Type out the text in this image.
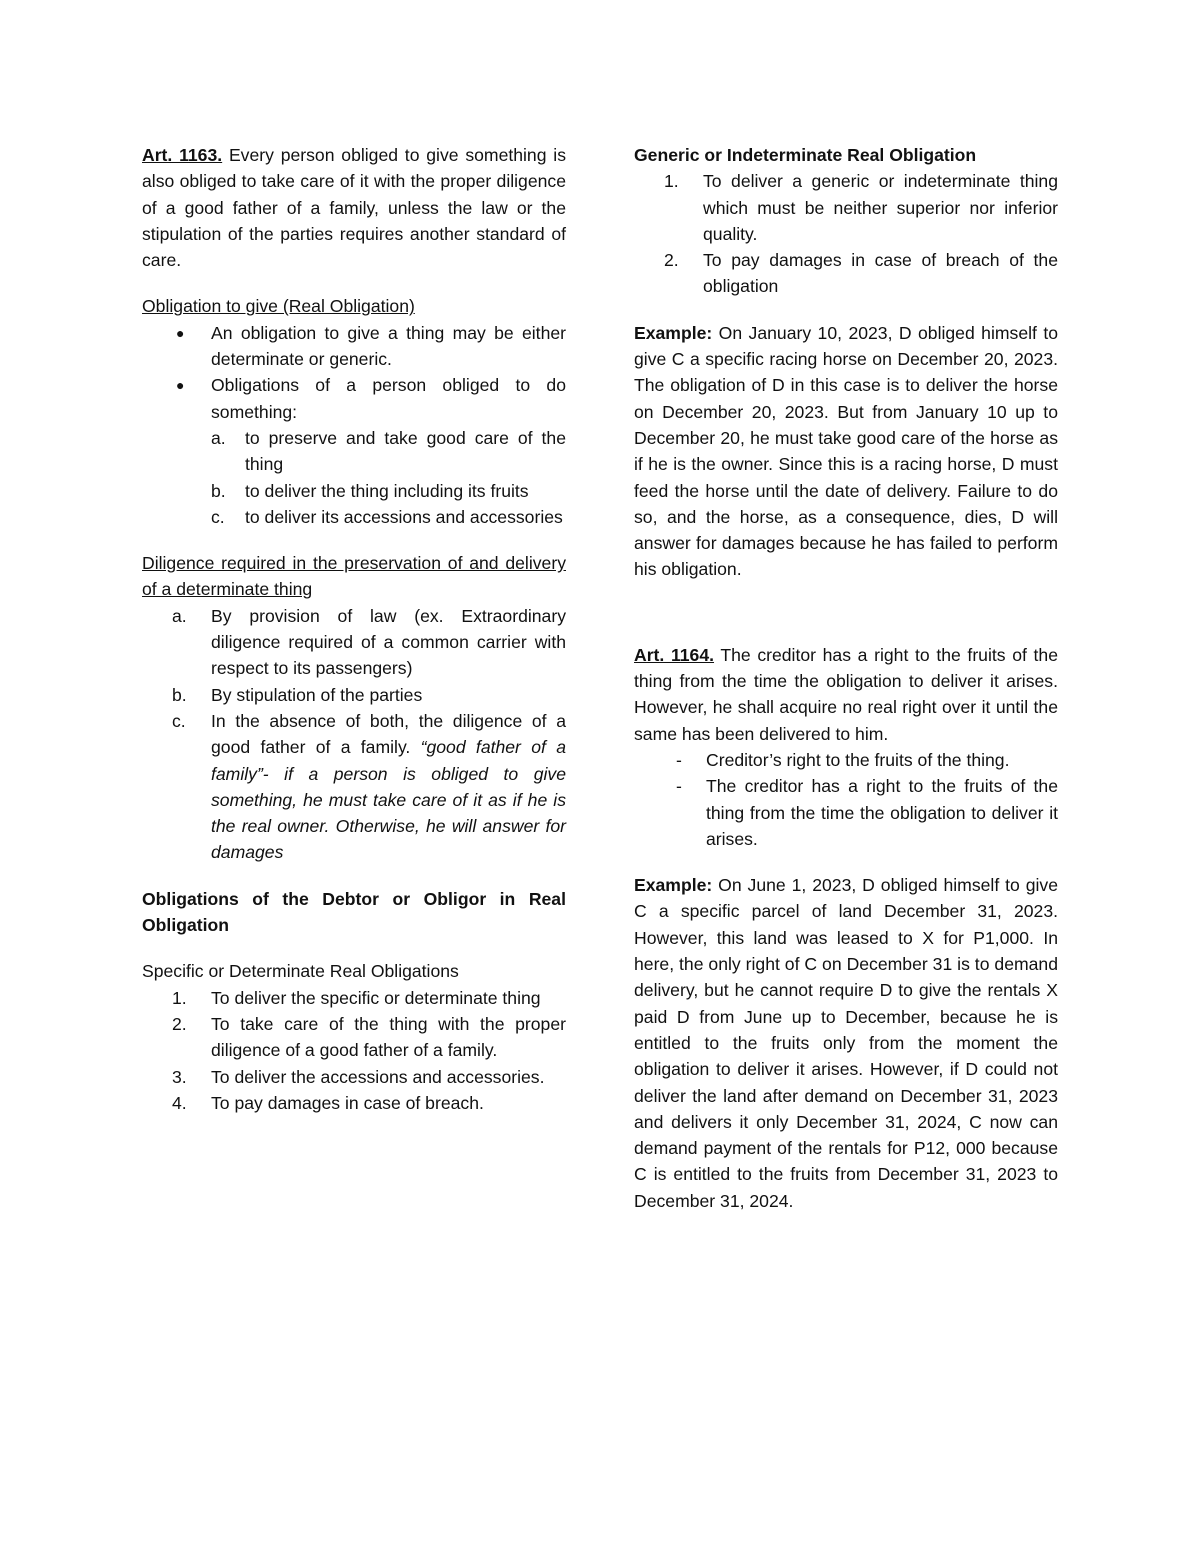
Art. 1163. Every person obliged to give something is also obliged to take care of it with the proper diligence of a good father of a family, unless the law or the stipulation of the parties requires another standard of care.

Obligation to give (Real Obligation)

● An obligation to give a thing may be either determinate or generic.
● Obligations of a person obliged to do something:
a. to preserve and take good care of the thing
b. to deliver the thing including its fruits
c. to deliver its accessions and accessories

Diligence required in the preservation of and delivery of a determinate thing

a. By provision of law (ex. Extraordinary diligence required of a common carrier with respect to its passengers)
b. By stipulation of the parties
c. In the absence of both, the diligence of a good father of a family. “good father of a family”- if a person is obliged to give something, he must take care of it as if he is the real owner. Otherwise, he will answer for damages

Obligations of the Debtor or Obligor in Real Obligation

Specific or Determinate Real Obligations

1. To deliver the specific or determinate thing
2. To take care of the thing with the proper diligence of a good father of a family.
3. To deliver the accessions and accessories.
4. To pay damages in case of breach.

Generic or Indeterminate Real Obligation

1. To deliver a generic or indeterminate thing which must be neither superior nor inferior quality.
2. To pay damages in case of breach of the obligation

Example: On January 10, 2023, D obliged himself to give C a specific racing horse on December 20, 2023. The obligation of D in this case is to deliver the horse on December 20, 2023. But from January 10 up to December 20, he must take good care of the horse as if he is the owner. Since this is a racing horse, D must feed the horse until the date of delivery. Failure to do so, and the horse, as a consequence, dies, D will answer for damages because he has failed to perform his obligation.

Art. 1164. The creditor has a right to the fruits of the thing from the time the obligation to deliver it arises. However, he shall acquire no real right over it until the same has been delivered to him.

- Creditor’s right to the fruits of the thing.
- The creditor has a right to the fruits of the thing from the time the obligation to deliver it arises.

Example: On June 1, 2023, D obliged himself to give C a specific parcel of land December 31, 2023. However, this land was leased to X for P1,000. In here, the only right of C on December 31 is to demand delivery, but he cannot require D to give the rentals X paid D from June up to December, because he is entitled to the fruits only from the moment the obligation to deliver it arises. However, if D could not deliver the land after demand on December 31, 2023 and delivers it only December 31, 2024, C now can demand payment of the rentals for P12, 000 because C is entitled to the fruits from December 31, 2023 to December 31, 2024.
